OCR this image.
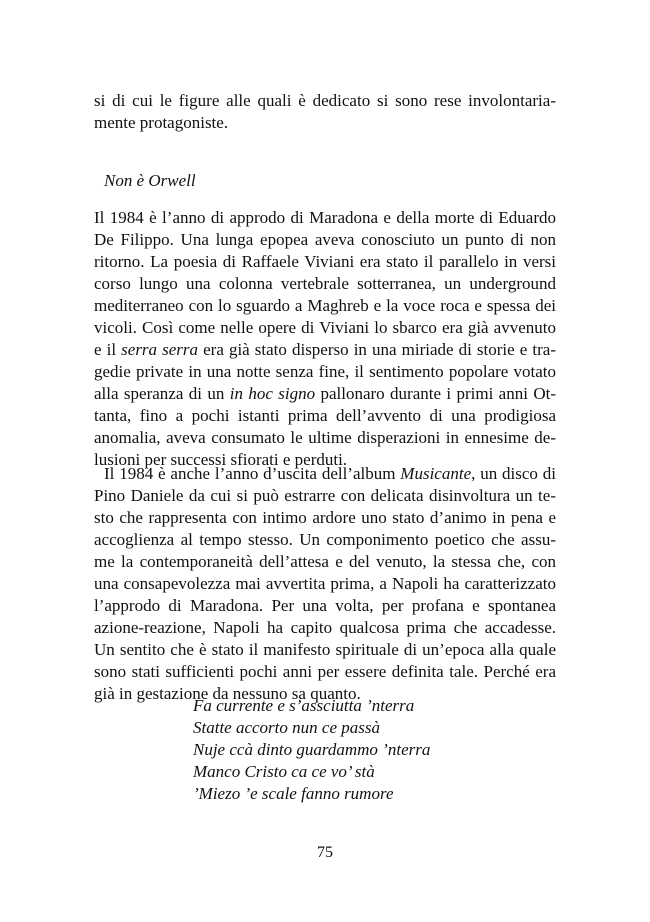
si di cui le figure alle quali è dedicato si sono rese involontaria-
mente protagoniste.
Non è Orwell
Il 1984 è l’anno di approdo di Maradona e della morte di Eduardo
De Filippo. Una lunga epopea aveva conosciuto un punto di non
ritorno. La poesia di Raffaele Viviani era stato il parallelo in versi
corso lungo una colonna vertebrale sotterranea, un underground
mediterraneo con lo sguardo a Maghreb e la voce roca e spessa dei
vicoli. Così come nelle opere di Viviani lo sbarco era già avvenuto
e il serra serra era già stato disperso in una miriade di storie e tra-
gedie private in una notte senza fine, il sentimento popolare votato
alla speranza di un in hoc signo pallonaro durante i primi anni Ot-
tanta, fino a pochi istanti prima dell’avvento di una prodigiosa
anomalia, aveva consumato le ultime disperazioni in ennesime de-
lusioni per successi sfiorati e perduti.
Il 1984 è anche l’anno d’uscita dell’album Musicante, un disco di
Pino Daniele da cui si può estrarre con delicata disinvoltura un te-
sto che rappresenta con intimo ardore uno stato d’animo in pena e
accoglienza al tempo stesso. Un componimento poetico che assu-
me la contemporaneità dell’attesa e del venuto, la stessa che, con
una consapevolezza mai avvertita prima, a Napoli ha caratterizzato
l’approdo di Maradona. Per una volta, per profana e spontanea
azione-reazione, Napoli ha capito qualcosa prima che accadesse.
Un sentito che è stato il manifesto spirituale di un’epoca alla quale
sono stati sufficienti pochi anni per essere definita tale. Perché era
già in gestazione da nessuno sa quanto.
Fa currente e s’assciutta ’nterra
Statte accorto nun ce passà
Nuje ccà dinto guardammo ’nterra
Manco Cristo ca ce vo’ stà
’Miezo ’e scale fanno rumore
75
